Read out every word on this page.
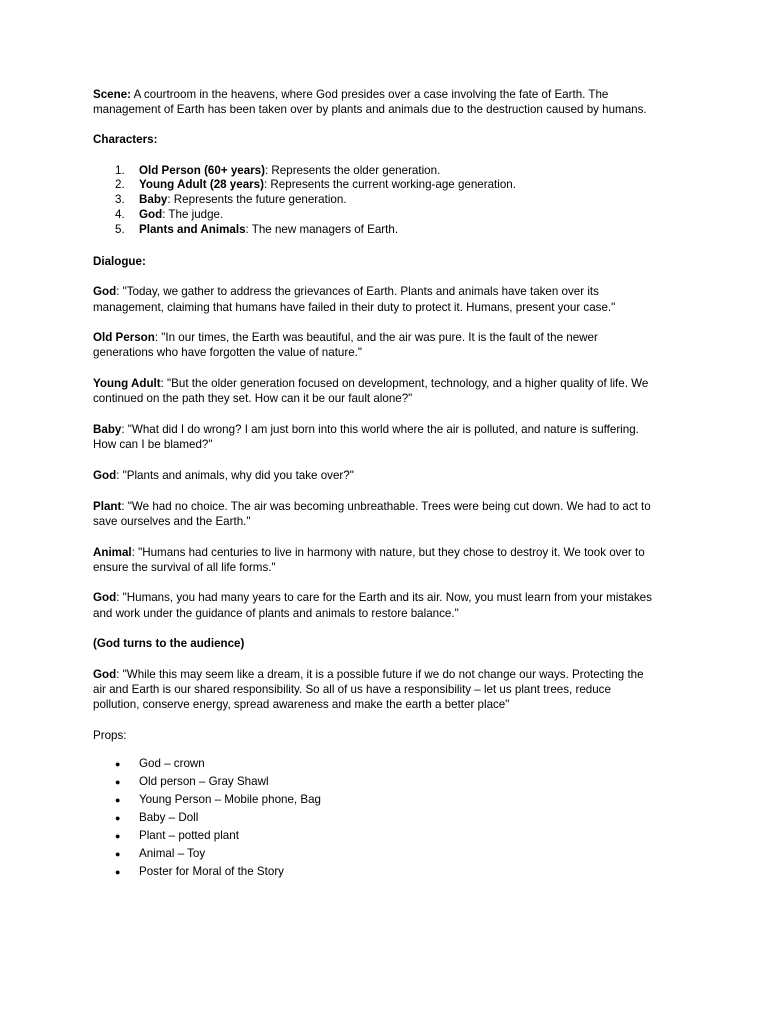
Scene: A courtroom in the heavens, where God presides over a case involving the fate of Earth. The management of Earth has been taken over by plants and animals due to the destruction caused by humans.

Characters:

1.	Old Person (60+ years): Represents the older generation.
2.	Young Adult (28 years): Represents the current working-age generation.
3.	Baby: Represents the future generation.
4.	God: The judge.
5.	Plants and Animals: The new managers of Earth.

Dialogue:

God: "Today, we gather to address the grievances of Earth. Plants and animals have taken over its management, claiming that humans have failed in their duty to protect it. Humans, present your case."

Old Person: "In our times, the Earth was beautiful, and the air was pure. It is the fault of the newer generations who have forgotten the value of nature."

Young Adult: "But the older generation focused on development, technology, and a higher quality of life. We continued on the path they set. How can it be our fault alone?"

Baby: "What did I do wrong? I am just born into this world where the air is polluted, and nature is suffering. How can I be blamed?"

God: "Plants and animals, why did you take over?"

Plant: "We had no choice. The air was becoming unbreathable. Trees were being cut down. We had to act to save ourselves and the Earth."

Animal: "Humans had centuries to live in harmony with nature, but they chose to destroy it. We took over to ensure the survival of all life forms."

God: "Humans, you had many years to care for the Earth and its air. Now, you must learn from your mistakes and work under the guidance of plants and animals to restore balance."

(God turns to the audience)

God: "While this may seem like a dream, it is a possible future if we do not change our ways. Protecting the air and Earth is our shared responsibility. So all of us have a responsibility – let us plant trees, reduce pollution, conserve energy, spread awareness and make the earth a better place"

Props:

●	God – crown
●	Old person – Gray Shawl
●	Young Person – Mobile phone, Bag
●	Baby – Doll
●	Plant – potted plant
●	Animal – Toy
●	Poster for Moral of the Story
